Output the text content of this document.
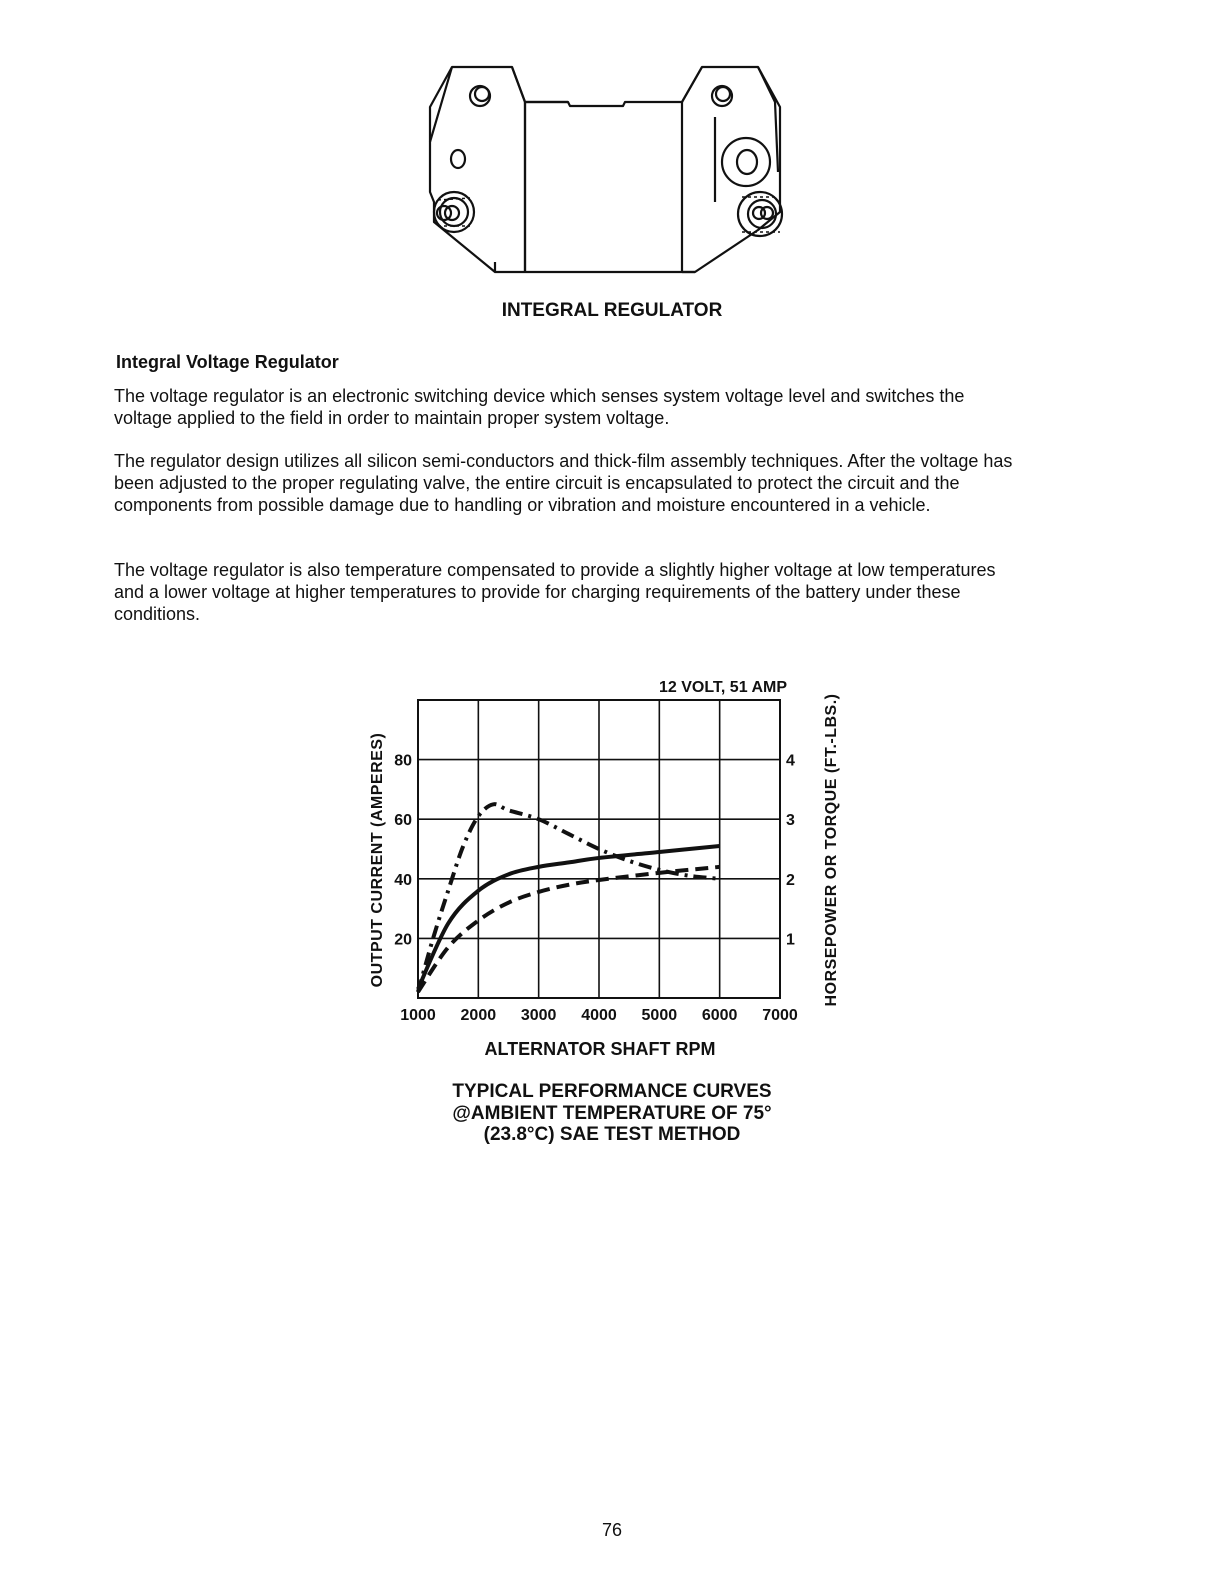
INTEGRAL REGULATOR
Integral Voltage Regulator

The voltage regulator is an electronic switching device which senses system voltage level and switches the voltage applied to the field in order to maintain proper system voltage.

The regulator design utilizes all silicon semi-conductors and thick-film assembly techniques. After the voltage has been adjusted to the proper regulating valve, the entire circuit is encapsulated to protect the circuit and the components from possible damage due to handling or vibration and moisture encountered in a vehicle.

The voltage regulator is also temperature compensated to provide a slightly higher voltage at low temperatures and a lower voltage at higher temperatures to provide for charging requirements of the battery under these conditions.

12 VOLT, 51 AMP
1000 2000 3000 4000 5000 6000 7000
20
40
60
80
1
2
3
4
OUTPUT CURRENT (AMPERES)	HORSEPOWER OR TORQUE (FT.-LBS.)
ALTERNATOR SHAFT RPM
TYPICAL PERFORMANCE CURVES
@AMBIENT TEMPERATURE OF 75°
(23.8°C) SAE TEST METHOD
76
